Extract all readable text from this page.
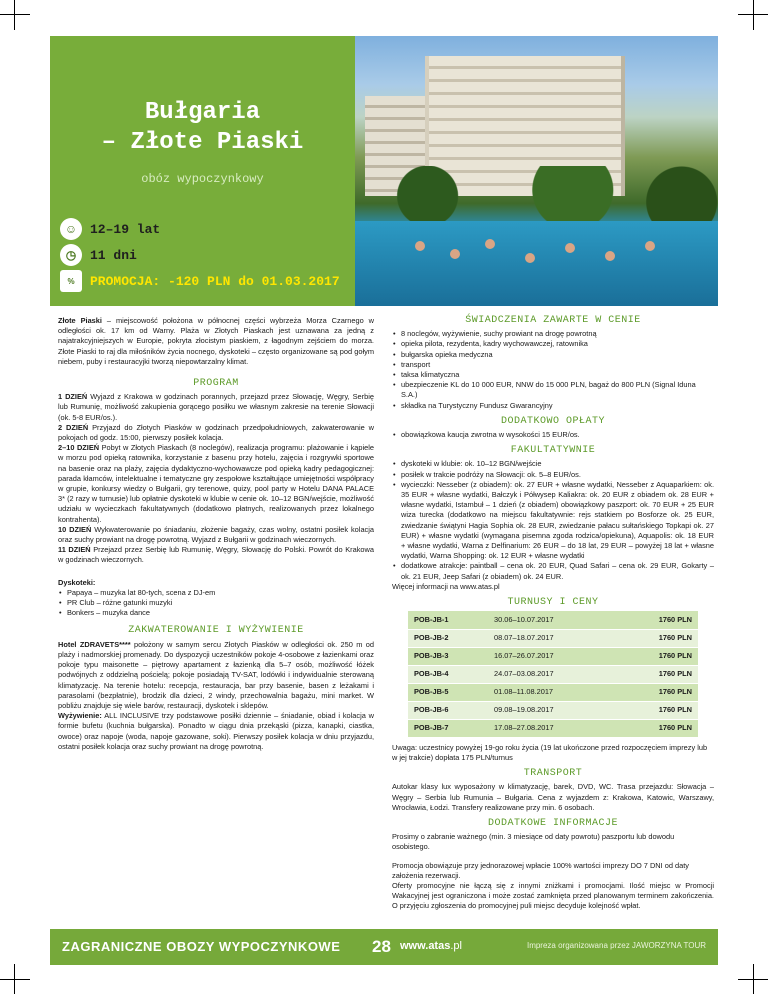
Bułgaria
– Złote Piaski
obóz wypoczynkowy
☺ 12–19 lat
◷	11 dni
%	PROMOCJA: -120 PLN do 01.03.2017

Złote Piaski – miejscowość położona w północnej części wybrzeża Morza Czarnego w odległości ok. 17 km od Warny. Plaża w Złotych Piaskach jest uznawana za jedną z najatrakcyjniejszych w Europie, pokryta złocistym piaskiem, z łagodnym zejściem do morza. Złote Piaski to raj dla miłośników życia nocnego, dyskoteki – często organizowane są pod gołym niebem, puby i restauracyjki tworzą niepowtarzalny klimat.

PROGRAM

1 DZIEŃ Wyjazd z Krakowa w godzinach porannych, przejazd przez Słowację, Węgry, Serbię lub Rumunię, możliwość zakupienia gorącego posiłku we własnym zakresie na terenie Słowacji (ok. 5-8 EUR/os.).

2 DZIEŃ Przyjazd do Złotych Piasków w godzinach przedpołudniowych, zakwaterowanie w pokojach od godz. 15:00, pierwszy posiłek kolacja.

2–10 DZIEŃ Pobyt w Złotych Piaskach (8 noclegów), realizacja programu: plażowanie i kąpiele w morzu pod opieką ratownika, korzystanie z basenu przy hotelu, zajęcia i rozgrywki sportowe na basenie oraz na plaży, zajęcia dydaktyczno-wychowawcze pod opieką kadry pedagogicznej: parada kłamców, intelektualne i tematyczne gry zespołowe kształtujące umiejętności współpracy w grupie, konkursy wiedzy o Bułgarii, gry terenowe, quizy, pool party w Hotelu DANA PALACE 3* (2 razy w turnusie) lub opłatnie dyskoteki w klubie w cenie ok. 10–12 BGN/wejście, możliwość udziału w wycieczkach fakultatywnych (dodatkowo płatnych, realizowanych przez lokalnego kontrahenta).

10 DZIEŃ Wykwaterowanie po śniadaniu, złożenie bagaży, czas wolny, ostatni posiłek kolacja oraz suchy prowiant na drogę powrotną. Wyjazd z Bułgarii w godzinach wieczornych.

11 DZIEŃ Przejazd przez Serbię lub Rumunię, Węgry, Słowację do Polski. Powrót do Krakowa w godzinach wieczornych.

Dyskoteki:
• Papaya – muzyka lat 80-tych, scena z DJ-em
• PR Club – różne gatunki muzyki
• Bonkers – muzyka dance
ZAKWATEROWANIE I WYŻYWIENIE

Hotel ZDRAVETS**** położony w samym sercu Złotych Piasków w odległości ok. 250 m od plaży i nadmorskiej promenady. Do dyspozycji uczestników pokoje 4-osobowe z łazienkami oraz pokoje typu maisonette – piętrowy apartament z łazienką dla 5–7 osób, możliwość łóżek podwójnych z oddzielną pościelą; pokoje posiadają TV-SAT, lodówki i indywidualnie sterowaną klimatyzację. Na terenie hotelu: recepcja, restauracja, bar przy basenie, basen z leżakami i parasolami (bezpłatnie), brodzik dla dzieci, 2 windy, przechowalnia bagażu, mini market. W pobliżu znajduje się wiele barów, restauracji, dyskotek i sklepów.

Wyżywienie: ALL INCLUSIVE trzy podstawowe posiłki dziennie – śniadanie, obiad i kolacja w formie bufetu (kuchnia bułgarska). Ponadto w ciągu dnia przekąski (pizza, kanapki, ciastka, owoce) oraz napoje (woda, napoje gazowane, soki). Pierwszy posiłek kolacja w dniu przyjazdu, ostatni posiłek kolacja oraz suchy prowiant na drogę powrotną.

ŚWIADCZENIA ZAWARTE W CENIE
• 8 noclegów, wyżywienie, suchy prowiant na drogę powrotną
• opieka pilota, rezydenta, kadry wychowawczej, ratownika
• bułgarska opieka medyczna
• transport
• taksa klimatyczna
• ubezpieczenie KL do 10 000 EUR, NNW do 15 000 PLN, bagaż do 800 PLN (Signal Iduna S.A.)
• składka na Turystyczny Fundusz Gwarancyjny
DODATKOWO OPŁATY
• obowiązkowa kaucja zwrotna w wysokości 15 EUR/os.
FAKULTATYWNIE
• dyskoteki w klubie: ok. 10–12 BGN/wejście
• posiłek w trakcie podróży na Słowacji: ok. 5–8 EUR/os.
• wycieczki: Nesseber (z obiadem): ok. 27 EUR + własne wydatki, Nesseber z Aquaparkiem: ok. 35 EUR + własne wydatki, Bałczyk i Półwysep Kaliakra: ok. 20 EUR z obiadem ok. 28 EUR + własne wydatki, Istambuł – 1 dzień (z obiadem) obowiązkowy paszport: ok. 70 EUR + 25 EUR wiza turecka (dodatkowo na miejscu fakultatywnie: rejs statkiem po Bosforze ok. 25 EUR, zwiedzanie świątyni Hagia Sophia ok. 28 EUR, zwiedzanie pałacu sułtańskiego Topkapi ok. 27 EUR) + własne wydatki (wymagana pisemna zgoda rodzica/opiekuna), Aquapolis: ok. 18 EUR + własne wydatki, Warna z Delfinarium: 26 EUR – do 18 lat, 29 EUR – powyżej 18 lat + własne wydatki, Warna Shopping: ok. 12 EUR + własne wydatki
• dodatkowe atrakcje: paintball – cena ok. 20 EUR, Quad Safari – cena ok. 29 EUR, Gokarty – ok. 21 EUR, Jeep Safari (z obiadem) ok. 24 EUR.

Więcej informacji na www.atas.pl

TURNUSY I CENY
POB-JB-1	30.06–10.07.2017	1760 PLN
POB-JB-2	08.07–18.07.2017	1760 PLN
POB-JB-3	16.07–26.07.2017	1760 PLN
POB-JB-4	24.07–03.08.2017	1760 PLN
POB-JB-5	01.08–11.08.2017	1760 PLN
POB-JB-6	09.08–19.08.2017	1760 PLN
POB-JB-7	17.08–27.08.2017	1760 PLN

Uwaga: uczestnicy powyżej 19-go roku życia (19 lat ukończone przed rozpoczęciem imprezy lub w jej trakcie) dopłata 175 PLN/turnus

TRANSPORT

Autokar klasy lux wyposażony w klimatyzację, barek, DVD, WC. Trasa przejazdu: Słowacja – Węgry – Serbia lub Rumunia – Bułgaria. Cena z wyjazdem z: Krakowa, Katowic, Warszawy, Wrocławia, Łodzi. Transfery realizowane przy min. 6 osobach.

DODATKOWE INFORMACJE

Prosimy o zabranie ważnego (min. 3 miesiące od daty powrotu) paszportu lub dowodu osobistego.

Promocja obowiązuje przy jednorazowej wpłacie 100% wartości imprezy DO 7 DNI od daty założenia rezerwacji.

Oferty promocyjne nie łączą się z innymi zniżkami i promocjami. Ilość miejsc w Promocji Wakacyjnej jest ograniczona i może zostać zamknięta przed planowanym terminem zakończenia. O przyjęciu zgłoszenia do promocyjnej puli miejsc decyduje kolejność wpłat.

ZAGRANICZNE OBOZY WYPOCZYNKOWE 28 www.atas.pl	Impreza organizowana przez JAWORZYNA TOUR
